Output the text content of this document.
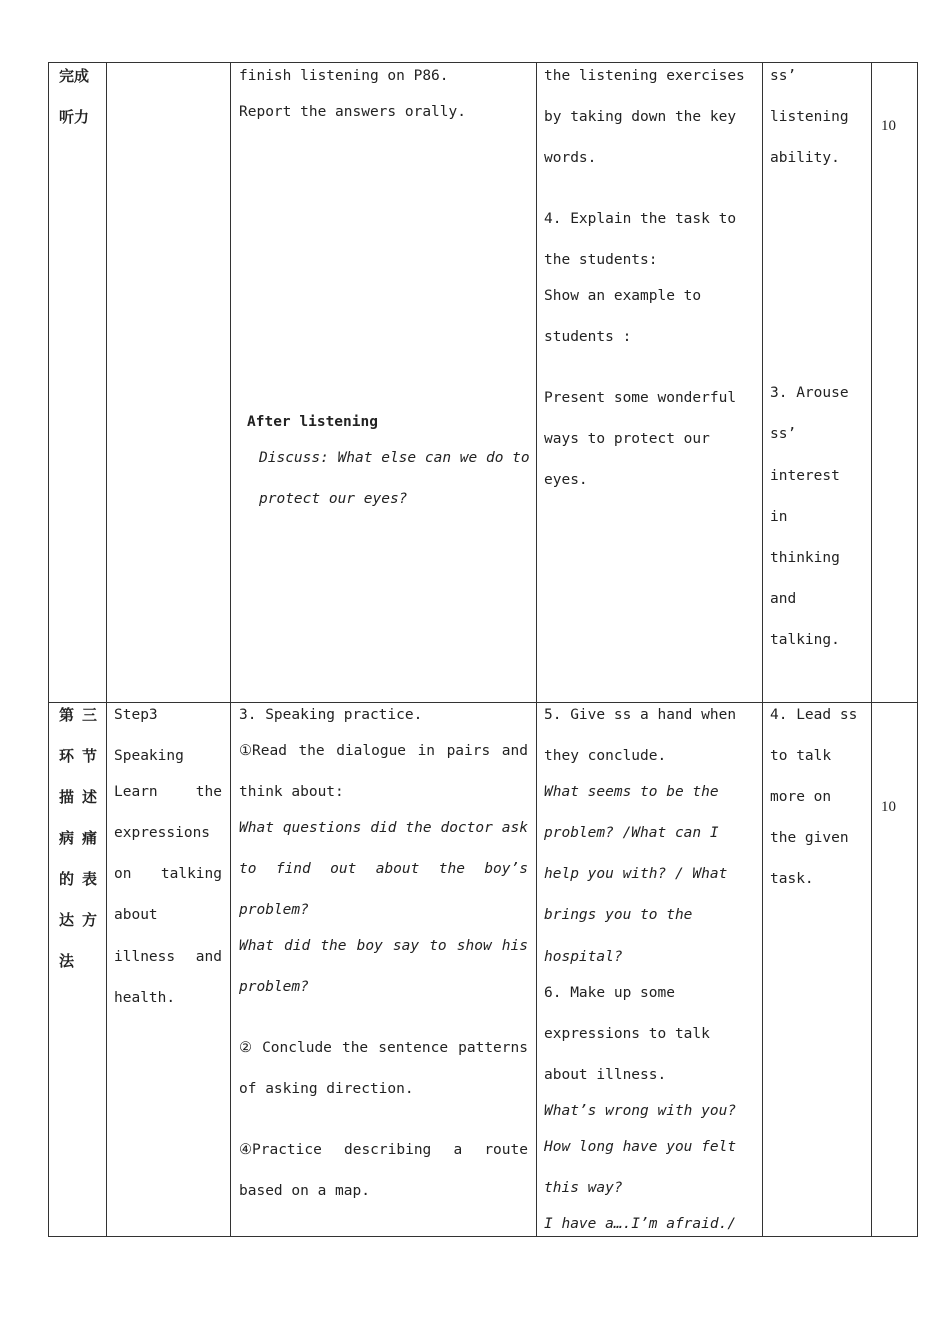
完成
听力
finish listening on P86.
Report the answers orally.
After listening
Discuss: What else can we do to
protect our eyes?
the listening exercises
by taking down the key
words.
4. Explain the task to
the students:
Show an example to
students :
Present some wonderful
ways to protect our
eyes.
ss’
listening
ability.
3. Arouse
ss’
interest
in
thinking
and
talking.
10
第 三
环 节
描 述
病 痛
的 表
达 方
法
Step3
Speaking
Learn	the
expressions
on talking
about
illness and
health.
3. Speaking practice.
①Read the dialogue in pairs and
think about:
What questions did the doctor ask
to find out about the boy’s
problem?
What did the boy say to show his
problem?
② Conclude the sentence patterns
of asking direction.
④Practice describing a route
based on a map.
5. Give ss a hand when
they conclude.
What seems to be the
problem? /What can I
help you with? / What
brings you to the
hospital?
6. Make up some
expressions to talk
about illness.
What’s wrong with you?
How long have you felt
this way?
I have a….I’m afraid./
4. Lead ss
to talk
more on
the given
task.
10
